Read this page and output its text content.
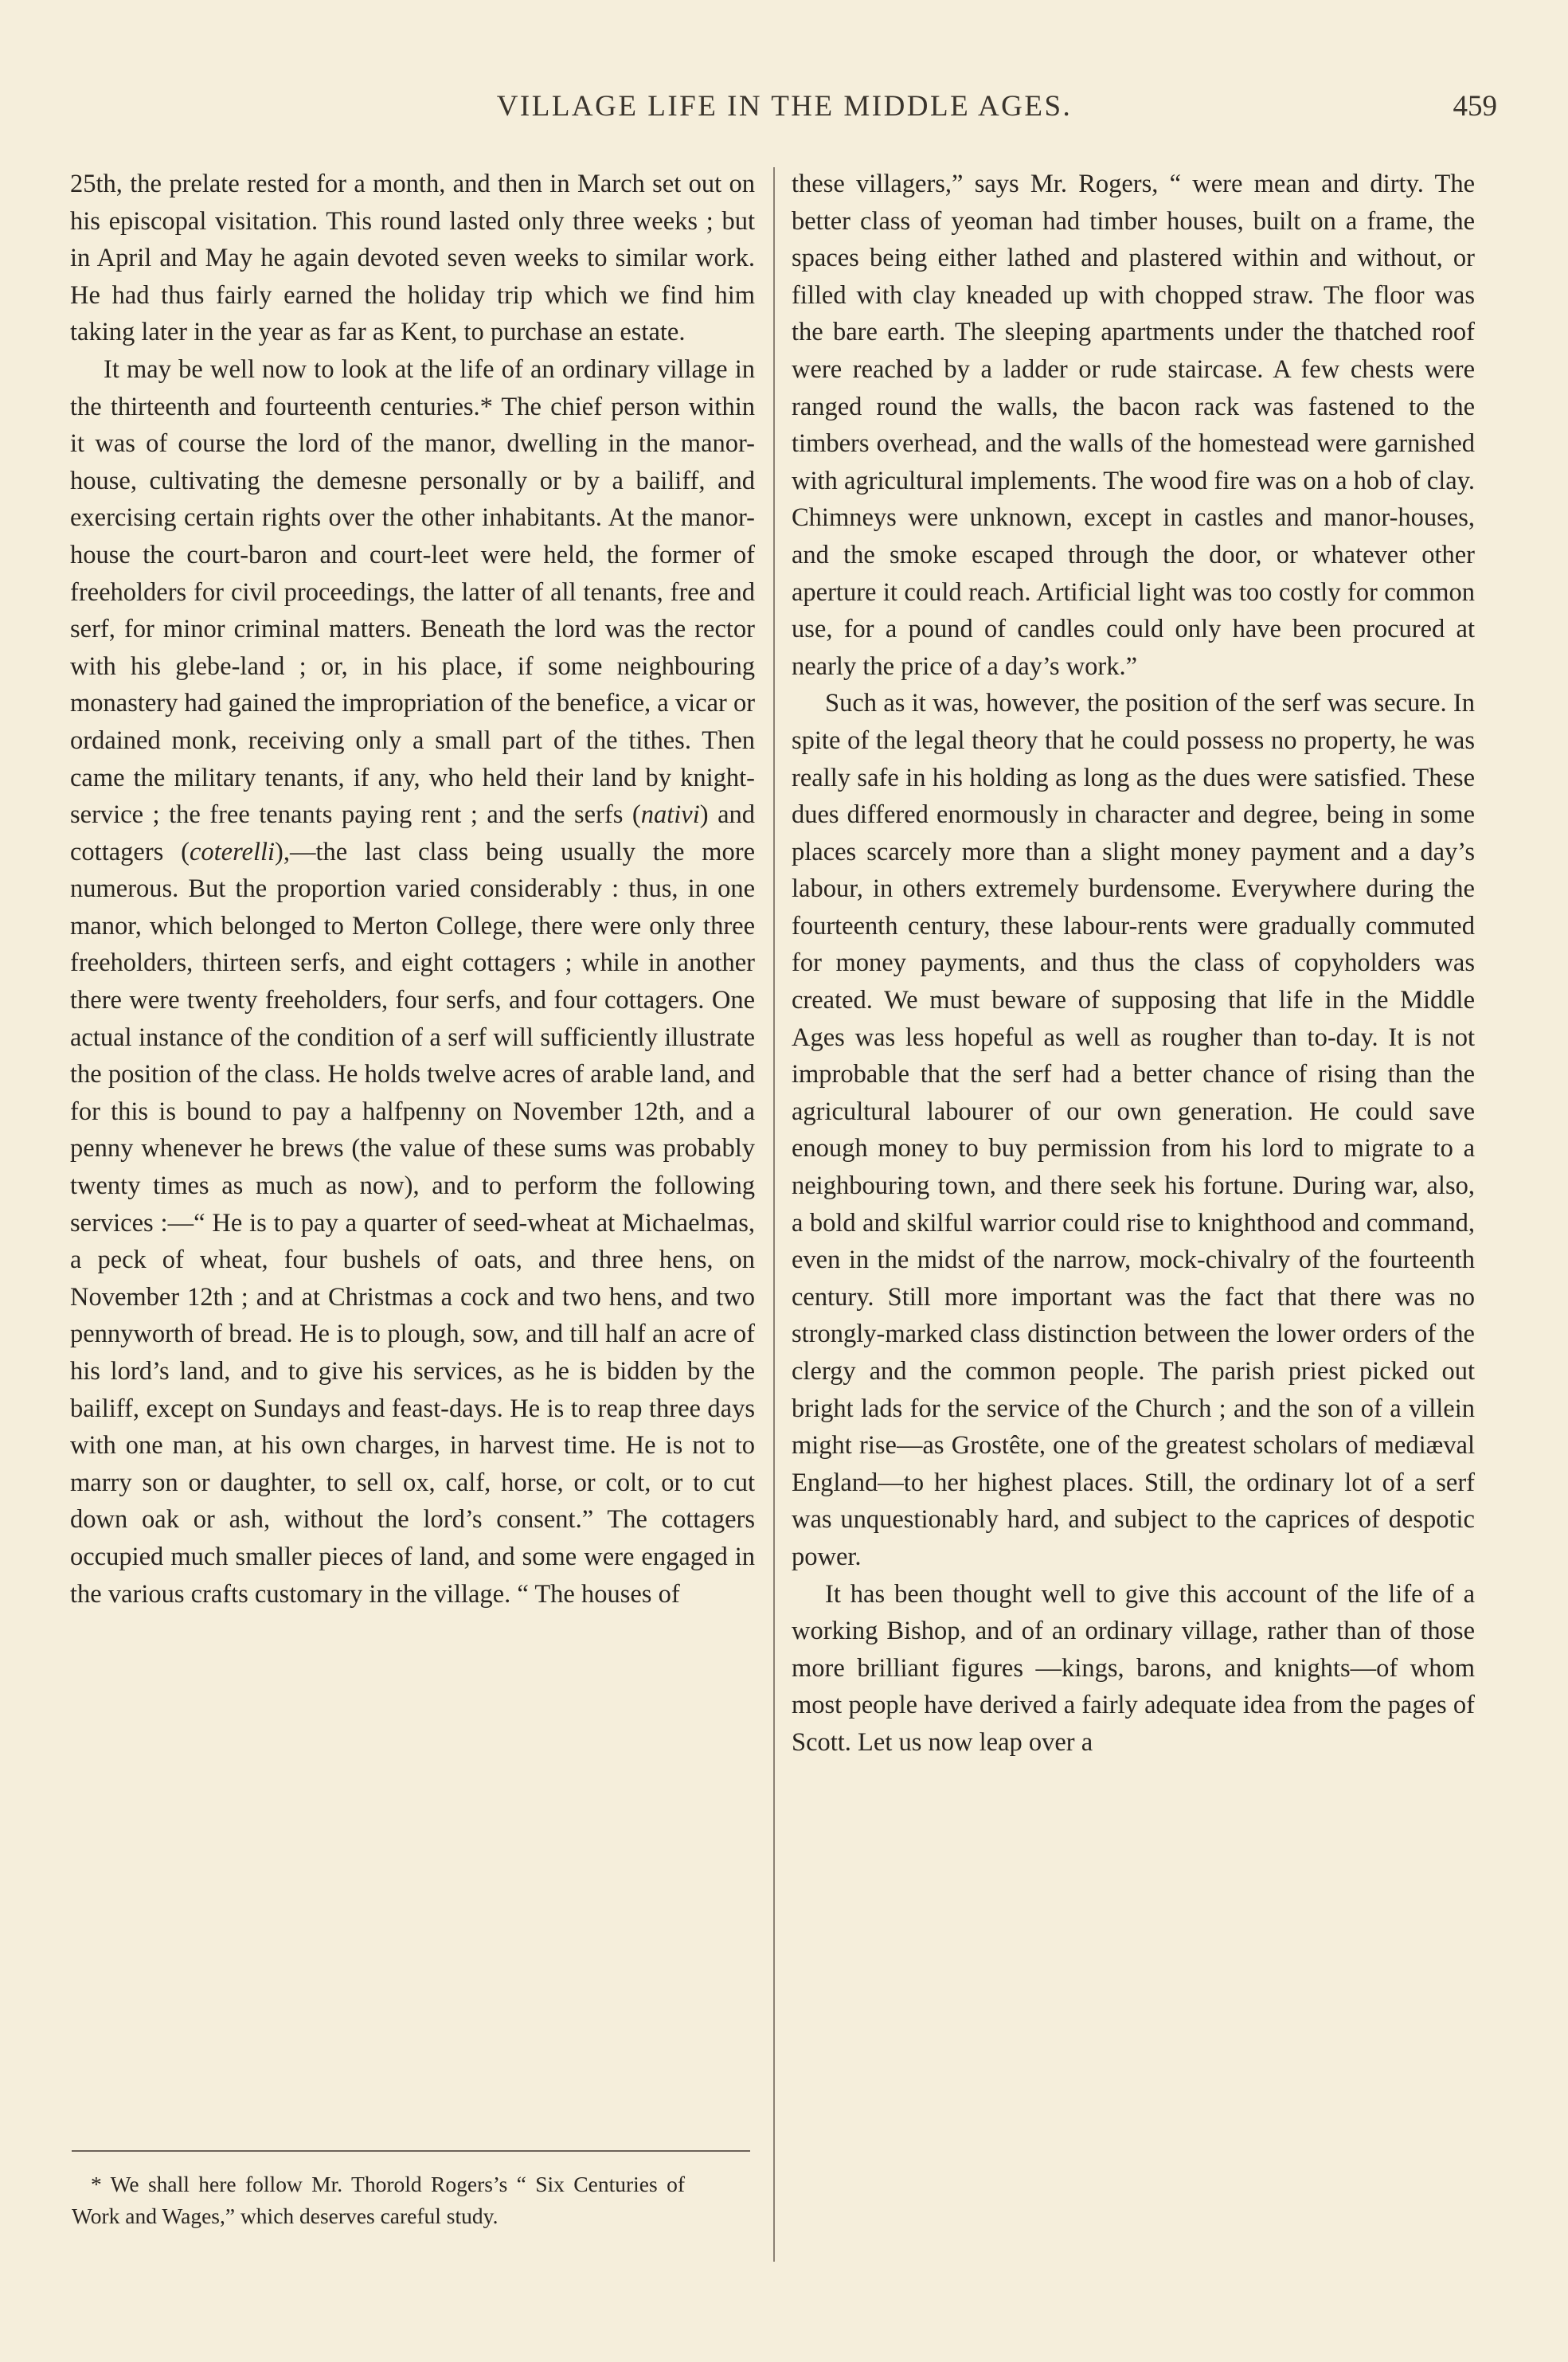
VILLAGE LIFE IN THE MIDDLE AGES.	459

25th, the prelate rested for a month, and then in March set out on his episcopal visitation. This round lasted only three weeks ; but in April and May he again devoted seven weeks to similar work. He had thus fairly earned the holiday trip which we find him taking later in the year as far as Kent, to purchase an estate.

It may be well now to look at the life of an ordinary village in the thirteenth and fourteenth centuries.* The chief person within it was of course the lord of the manor, dwelling in the manor-house, cultivating the demesne personally or by a bailiff, and exercising certain rights over the other inhabitants. At the manor-house the court-baron and court-leet were held, the former of freeholders for civil proceedings, the latter of all tenants, free and serf, for minor criminal matters. Beneath the lord was the rector with his glebe-land ; or, in his place, if some neighbouring monastery had gained the impropriation of the benefice, a vicar or ordained monk, receiving only a small part of the tithes. Then came the military tenants, if any, who held their land by knight-service ; the free tenants paying rent ; and the serfs (nativi) and cottagers (coterelli),—the last class being usually the more numerous. But the proportion varied considerably : thus, in one manor, which belonged to Merton College, there were only three freeholders, thirteen serfs, and eight cottagers ; while in another there were twenty freeholders, four serfs, and four cottagers. One actual instance of the condition of a serf will sufficiently illustrate the position of the class. He holds twelve acres of arable land, and for this is bound to pay a halfpenny on November 12th, and a penny whenever he brews (the value of these sums was probably twenty times as much as now), and to perform the following services :—“ He is to pay a quarter of seed-wheat at Michaelmas, a peck of wheat, four bushels of oats, and three hens, on November 12th ; and at Christmas a cock and two hens, and two pennyworth of bread. He is to plough, sow, and till half an acre of his lord’s land, and to give his services, as he is bidden by the bailiff, except on Sundays and feast-days. He is to reap three days with one man, at his own charges, in harvest time. He is not to marry son or daughter, to sell ox, calf, horse, or colt, or to cut down oak or ash, without the lord’s consent.” The cottagers occupied much smaller pieces of land, and some were engaged in the various crafts customary in the village. “ The houses of

these villagers,” says Mr. Rogers, “ were mean and dirty. The better class of yeoman had timber houses, built on a frame, the spaces being either lathed and plastered within and without, or filled with clay kneaded up with chopped straw. The floor was the bare earth. The sleeping apartments under the thatched roof were reached by a ladder or rude staircase. A few chests were ranged round the walls, the bacon rack was fastened to the timbers overhead, and the walls of the homestead were garnished with agricultural implements. The wood fire was on a hob of clay. Chimneys were unknown, except in castles and manor-houses, and the smoke escaped through the door, or whatever other aperture it could reach. Artificial light was too costly for common use, for a pound of candles could only have been procured at nearly the price of a day’s work.”

Such as it was, however, the position of the serf was secure. In spite of the legal theory that he could possess no property, he was really safe in his holding as long as the dues were satisfied. These dues differed enormously in character and degree, being in some places scarcely more than a slight money payment and a day’s labour, in others extremely burdensome. Everywhere during the fourteenth century, these labour-rents were gradually commuted for money payments, and thus the class of copyholders was created. We must beware of supposing that life in the Middle Ages was less hopeful as well as rougher than to-day. It is not improbable that the serf had a better chance of rising than the agricultural labourer of our own generation. He could save enough money to buy permission from his lord to migrate to a neighbouring town, and there seek his fortune. During war, also, a bold and skilful warrior could rise to knighthood and command, even in the midst of the narrow, mock-chivalry of the fourteenth century. Still more important was the fact that there was no strongly-marked class distinction between the lower orders of the clergy and the common people. The parish priest picked out bright lads for the service of the Church ; and the son of a villein might rise—as Grostête, one of the greatest scholars of mediæval England—to her highest places. Still, the ordinary lot of a serf was unquestionably hard, and subject to the caprices of despotic power.

It has been thought well to give this account of the life of a working Bishop, and of an ordinary village, rather than of those more brilliant figures —kings, barons, and knights—of whom most people have derived a fairly adequate idea from the pages of Scott. Let us now leap over a

* We shall here follow Mr. Thorold Rogers’s “ Six Centuries of Work and Wages,” which deserves careful study.
